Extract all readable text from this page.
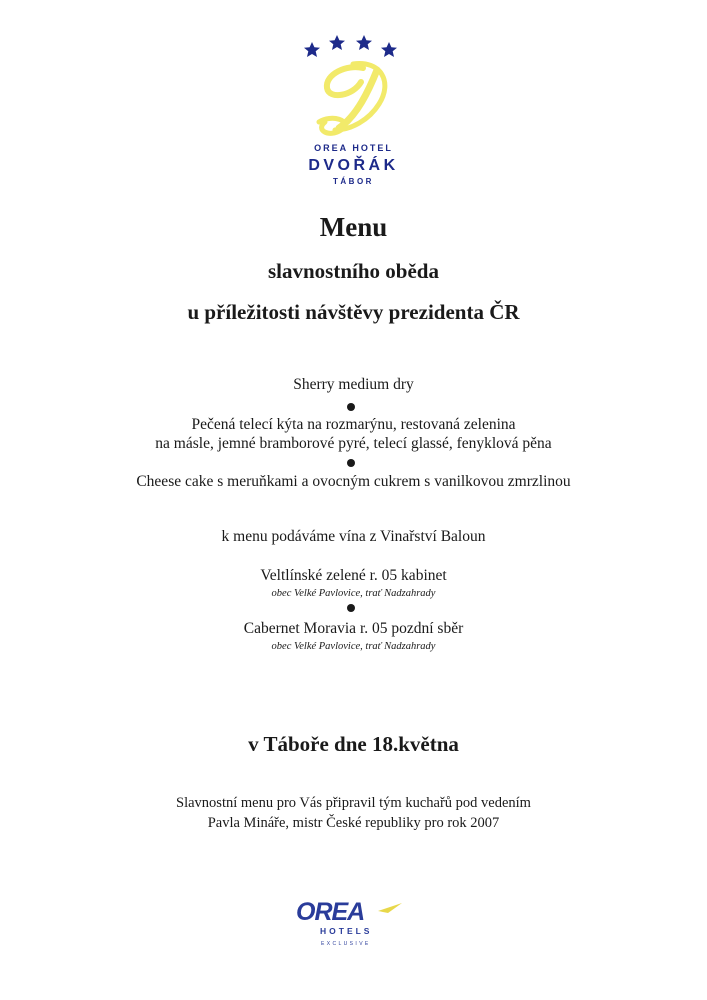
OREA HOTEL
DVOŘÁK
TÁBOR
Menu
slavnostního oběda
u příležitosti návštěvy prezidenta ČR
Sherry medium dry
Pečená telecí kýta na rozmarýnu, restovaná zelenina
na másle, jemné bramborové pyré, telecí glassé, fenyklová pěna
Cheese cake s meruňkami a ovocným cukrem s vanilkovou zmrzlinou
k menu podáváme vína z Vinařství Baloun
Veltlínské zelené r. 05 kabinet
obec Velké Pavlovice, trať Nadzahrady
Cabernet Moravia r. 05 pozdní sběr
obec Velké Pavlovice, trať Nadzahrady
v Táboře dne 18.května
Slavnostní menu pro Vás připravil tým kuchařů pod vedením
Pavla Mináře, mistr České republiky pro rok 2007
OREA
HOTELS
EXCLUSIVE
